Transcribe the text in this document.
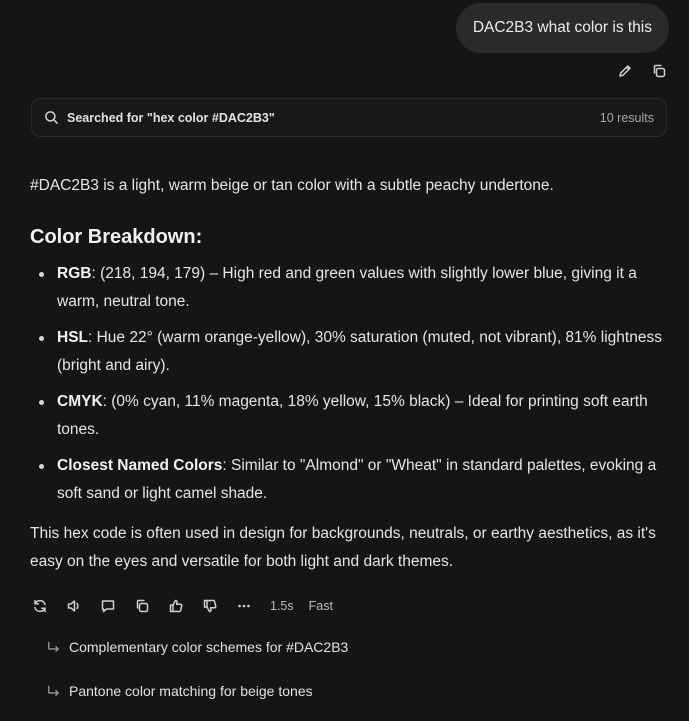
DAC2B3 what color is this
Searched for "hex color #DAC2B3"	10 results

#DAC2B3 is a light, warm beige or tan color with a subtle peachy undertone.

Color Breakdown:
RGB: (218, 194, 179) – High red and green values with slightly lower blue, giving it a warm, neutral tone.
HSL: Hue 22° (warm orange-yellow), 30% saturation (muted, not vibrant), 81% lightness (bright and airy).
CMYK: (0% cyan, 11% magenta, 18% yellow, 15% black) – Ideal for printing soft earth tones.
Closest Named Colors: Similar to "Almond" or "Wheat" in standard palettes, evoking a soft sand or light camel shade.

This hex code is often used in design for backgrounds, neutrals, or earthy aesthetics, as it's easy on the eyes and versatile for both light and dark themes.

1.5s Fast
Complementary color schemes for #DAC2B3
Pantone color matching for beige tones
